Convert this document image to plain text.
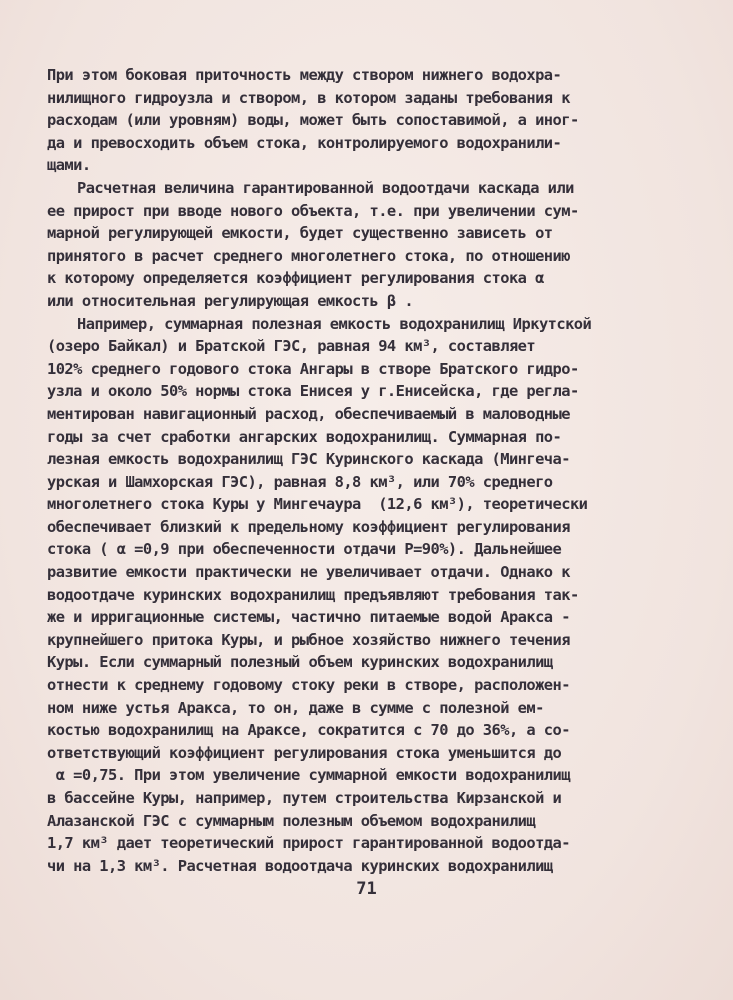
При этом боковая приточность между створом нижнего водохра-
нилищного гидроузла и створом, в котором заданы требования к
расходам (или уровням) воды, может быть сопоставимой, а иног-
да и превосходить объем стока, контролируемого водохранили-
щами.
Расчетная величина гарантированной водоотдачи каскада или
ее прирост при вводе нового объекта, т.е. при увеличении сум-
марной регулирующей емкости, будет существенно зависеть от
принятого в расчет среднего многолетнего стока, по отношению
к которому определяется коэффициент регулирования стока α
или относительная регулирующая емкость β .
Например, суммарная полезная емкость водохранилищ Иркутской
(озеро Байкал) и Братской ГЭС, равная 94 км³, составляет
102% среднего годового стока Ангары в створе Братского гидро-
узла и около 50% нормы стока Енисея у г.Енисейска, где регла-
ментирован навигационный расход, обеспечиваемый в маловодные
годы за счет сработки ангарских водохранилищ. Суммарная по-
лезная емкость водохранилищ ГЭС Куринского каскада (Мингеча-
урская и Шамхорская ГЭС), равная 8,8 км³, или 70% среднего
многолетнего стока Куры у Мингечаура  (12,6 км³), теоретически
обеспечивает близкий к предельному коэффициент регулирования
стока ( α =0,9 при обеспеченности отдачи Р=90%). Дальнейшее
развитие емкости практически не увеличивает отдачи. Однако к
водоотдаче куринских водохранилищ предъявляют требования так-
же и ирригационные системы, частично питаемые водой Аракса -
крупнейшего притока Куры, и рыбное хозяйство нижнего течения
Куры. Если суммарный полезный объем куринских водохранилищ
отнести к среднему годовому стоку реки в створе, расположен-
ном ниже устья Аракса, то он, даже в сумме с полезной ем-
костью водохранилищ на Араксе, сократится с 70 до 36%, а со-
ответствующий коэффициент регулирования стока уменьшится до
α =0,75. При этом увеличение суммарной емкости водохранилищ
в бассейне Куры, например, путем строительства Кирзанской и
Алазанской ГЭС с суммарным полезным объемом водохранилищ
1,7 км³ дает теоретический прирост гарантированной водоотда-
чи на 1,3 км³. Расчетная водоотдача куринских водохранилищ
71
